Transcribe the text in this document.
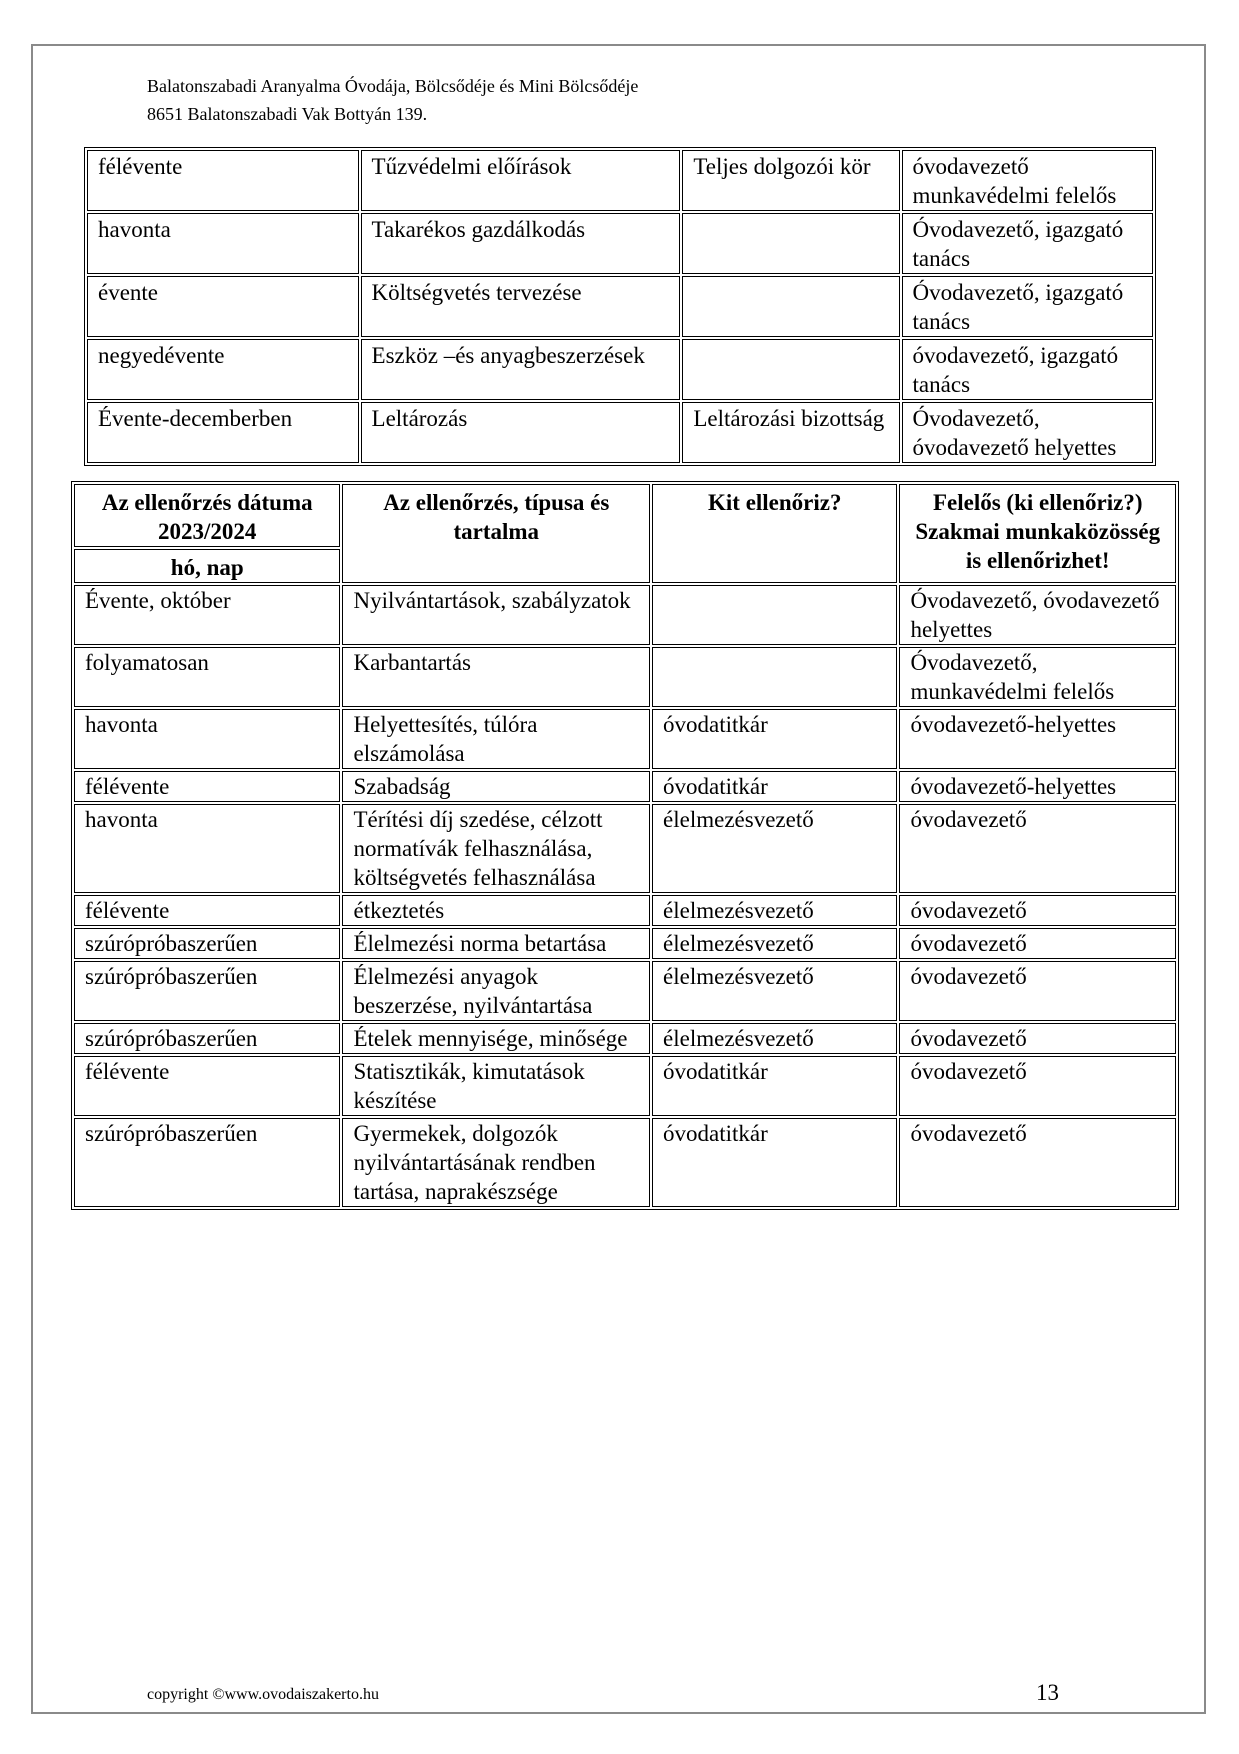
Balatonszabadi Aranyalma Óvodája, Bölcsődéje és Mini Bölcsődéje
8651 Balatonszabadi Vak Bottyán 139.
félévente	Tűzvédelmi előírások	Teljes dolgozói kör	óvodavezető munkavédelmi felelős
havonta	Takarékos gazdálkodás		Óvodavezető, igazgató tanács
évente	Költségvetés tervezése		Óvodavezető, igazgató tanács
negyedévente	Eszköz –és anyagbeszerzések		óvodavezető, igazgató tanács
Évente-decemberben	Leltározás	Leltározási bizottság	Óvodavezető, óvodavezető helyettes
Az ellenőrzés dátuma 2023/2024	Az ellenőrzés, típusa és tartalma	Kit ellenőriz?	Felelős (ki ellenőriz?) Szakmai munkaközösség is ellenőrizhet!
hó, nap			
Évente, október	Nyilvántartások, szabályzatok		Óvodavezető, óvodavezető helyettes
folyamatosan	Karbantartás		Óvodavezető, munkavédelmi felelős
havonta	Helyettesítés, túlóra elszámolása	óvodatitkár	óvodavezető-helyettes
félévente	Szabadság	óvodatitkár	óvodavezető-helyettes
havonta	Térítési díj szedése, célzott normatívák felhasználása, költségvetés felhasználása	élelmezésvezető	óvodavezető
félévente	étkeztetés	élelmezésvezető	óvodavezető
szúrópróbaszerűen	Élelmezési norma betartása	élelmezésvezető	óvodavezető
szúrópróbaszerűen	Élelmezési anyagok beszerzése, nyilvántartása	élelmezésvezető	óvodavezető
szúrópróbaszerűen	Ételek mennyisége, minősége	élelmezésvezető	óvodavezető
félévente	Statisztikák, kimutatások készítése	óvodatitkár	óvodavezető
szúrópróbaszerűen	Gyermekek, dolgozók nyilvántartásának rendben tartása, naprakészsége	óvodatitkár	óvodavezető
copyright ©www.ovodaiszakerto.hu	13
